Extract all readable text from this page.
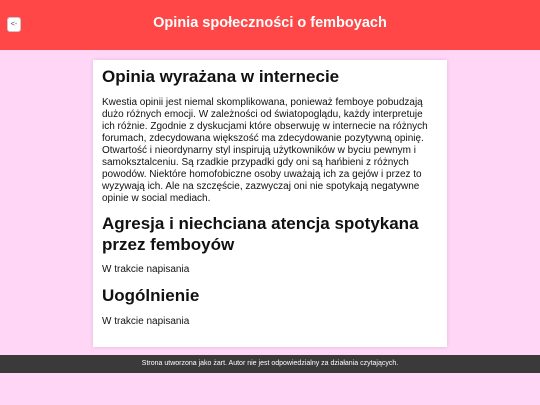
<-	Opinia społeczności o femboyach
Opinia wyrażana w internecie

Kwestia opinii jest niemal skomplikowana, ponieważ femboye pobudzają dużo różnych emocji. W zależności od światopoglądu, każdy interpretuje ich różnie. Zgodnie z dyskucjami które obserwuję w internecie na różnych forumach, zdecydowana większość ma zdecydowanie pozytywną opinię. Otwartość i nieordynarny styl inspirują użytkowników w byciu pewnym i samoksztalceniu. Są rzadkie przypadki gdy oni są hańbieni z różnych powodów. Niektóre homofobiczne osoby uważają ich za gejów i przez to wyzywają ich. Ale na szczęście, zazwyczaj oni nie spotykają negatywne opinie w social mediach.

Agresja i niechciana atencja spotykana przez femboyów

W trakcie napisania

Uogólnienie

W trakcie napisania

Strona utworzona jako żart. Autor nie jest odpowiedzialny za działania czytających.
